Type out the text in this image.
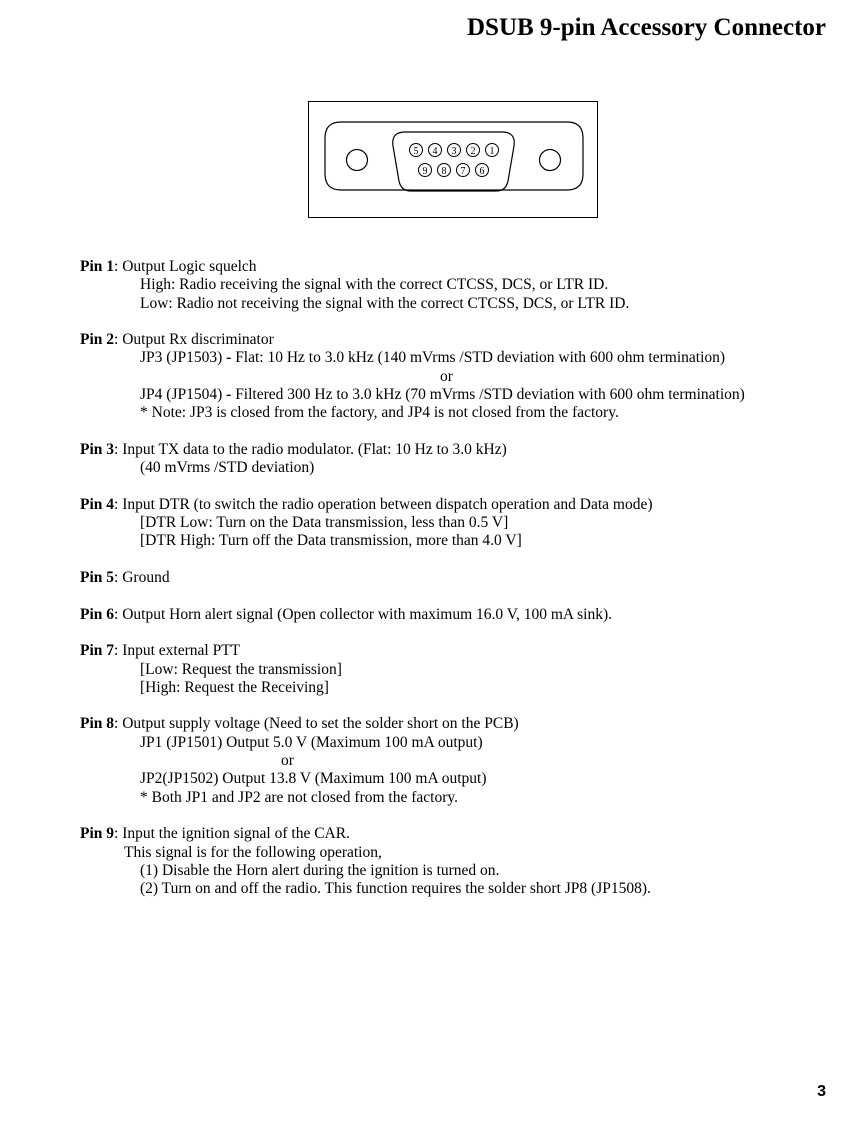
DSUB 9-pin Accessory Connector
5 4 3 2 1
9 8 7 6
Pin 1: Output Logic squelch
High: Radio receiving the signal with the correct CTCSS, DCS, or LTR ID.
Low: Radio not receiving the signal with the correct CTCSS, DCS, or LTR ID.
Pin 2: Output Rx discriminator
JP3 (JP1503) - Flat: 10 Hz to 3.0 kHz (140 mVrms /STD deviation with 600 ohm termination)
or
JP4 (JP1504) - Filtered 300 Hz to 3.0 kHz (70 mVrms /STD deviation with 600 ohm termination)
* Note: JP3 is closed from the factory, and JP4 is not closed from the factory.
Pin 3: Input TX data to the radio modulator. (Flat: 10 Hz to 3.0 kHz)
(40 mVrms /STD deviation)
Pin 4: Input DTR (to switch the radio operation between dispatch operation and Data mode)
[DTR Low: Turn on the Data transmission, less than 0.5 V]
[DTR High: Turn off the Data transmission, more than 4.0 V]
Pin 5: Ground
Pin 6: Output Horn alert signal (Open collector with maximum 16.0 V, 100 mA sink).
Pin 7: Input external PTT
[Low: Request the transmission]
[High: Request the Receiving]
Pin 8: Output supply voltage (Need to set the solder short on the PCB)
JP1 (JP1501) Output 5.0 V (Maximum 100 mA output)
or
JP2(JP1502) Output 13.8 V (Maximum 100 mA output)
* Both JP1 and JP2 are not closed from the factory.
Pin 9: Input the ignition signal of the CAR.
This signal is for the following operation,
(1) Disable the Horn alert during the ignition is turned on.
(2) Turn on and off the radio. This function requires the solder short JP8 (JP1508).
3
